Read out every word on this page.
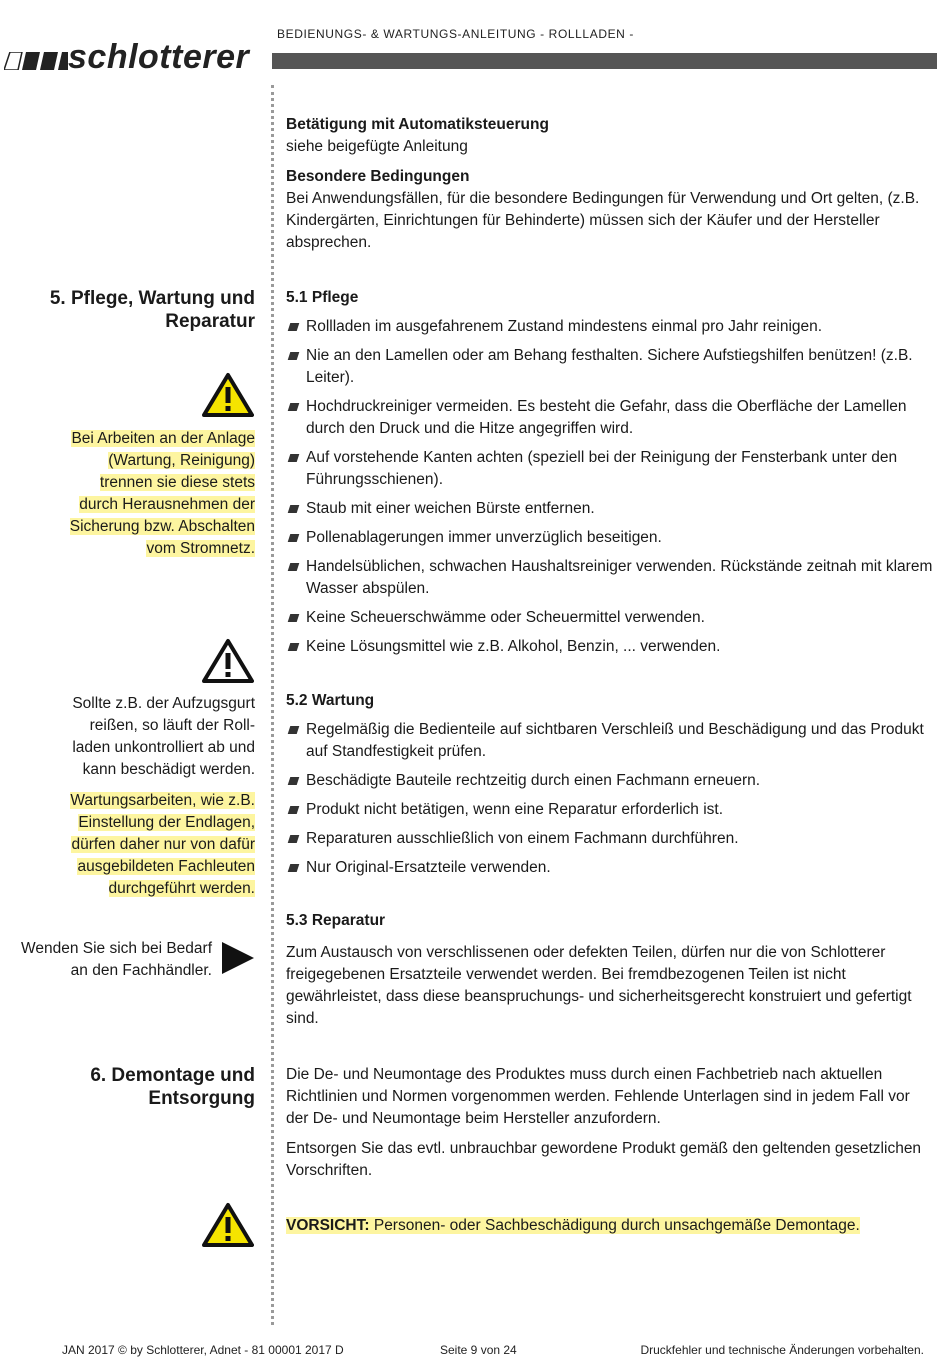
BEDIENUNGS- & WARTUNGS-ANLEITUNG - ROLLLADEN -
schlotterer

Betätigung mit Automatiksteuerung

siehe beigefügte Anleitung

Besondere Bedingungen

Bei Anwendungsfällen, für die besondere Bedingungen für Verwendung und Ort gelten, (z.B. Kindergärten, Einrichtungen für Behinderte) müssen sich der Käufer und der Hersteller absprechen.

5. Pflege, Wartung und
Reparatur
Bei Arbeiten an der Anlage
(Wartung, Reinigung)
trennen sie diese stets
durch Herausnehmen der
Sicherung bzw. Abschalten
vom Stromnetz.
Sollte z.B. der Aufzugsgurt
reißen, so läuft der Roll-
laden unkontrolliert ab und
kann beschädigt werden.
Wartungsarbeiten, wie z.B.
Einstellung der Endlagen,
dürfen daher nur von dafür
ausgebildeten Fachleuten
durchgeführt werden.
Wenden Sie sich bei Bedarf
an den Fachhändler.

5.1 Pflege

Rollladen im ausgefahrenem Zustand mindestens einmal pro Jahr reinigen.
Nie an den Lamellen oder am Behang festhalten. Sichere Aufstiegshilfen benützen! (z.B. Leiter).
Hochdruckreiniger vermeiden. Es besteht die Gefahr, dass die Oberfläche der Lamellen durch den Druck und die Hitze angegriffen wird.
Auf vorstehende Kanten achten (speziell bei der Reinigung der Fensterbank unter den Führungsschienen).
Staub mit einer weichen Bürste entfernen.
Pollenablagerungen immer unverzüglich beseitigen.
Handelsüblichen, schwachen Haushaltsreiniger verwenden. Rückstände zeitnah mit klarem Wasser abspülen.
Keine Scheuerschwämme oder Scheuermittel verwenden.
Keine Lösungsmittel wie z.B. Alkohol, Benzin, ... verwenden.

5.2 Wartung

Regelmäßig die Bedienteile auf sichtbaren Verschleiß und Beschädigung und das Produkt auf Standfestigkeit prüfen.
Beschädigte Bauteile rechtzeitig durch einen Fachmann erneuern.
Produkt nicht betätigen, wenn eine Reparatur erforderlich ist.
Reparaturen ausschließlich von einem Fachmann durchführen.
Nur Original-Ersatzteile verwenden.

5.3 Reparatur

Zum Austausch von verschlissenen oder defekten Teilen, dürfen nur die von Schlotterer freigegebenen Ersatzteile verwendet werden. Bei fremdbezogenen Teilen ist nicht gewährleistet, dass diese beanspruchungs- und sicherheitsgerecht konstruiert und gefertigt sind.

6. Demontage und
Entsorgung

Die De- und Neumontage des Produktes muss durch einen Fachbetrieb nach aktuellen Richtlinien und Normen vorgenommen werden. Fehlende Unterlagen sind in jedem Fall vor der De- und Neumontage beim Hersteller anzufordern.

Entsorgen Sie das evtl. unbrauchbar gewordene Produkt gemäß den geltenden gesetzlichen Vorschriften.

VORSICHT: Personen- oder Sachbeschädigung durch unsachgemäße Demontage.
JAN 2017 © by Schlotterer, Adnet - 81 00001 2017 D	Seite 9 von 24	Druckfehler und technische Änderungen vorbehalten.
